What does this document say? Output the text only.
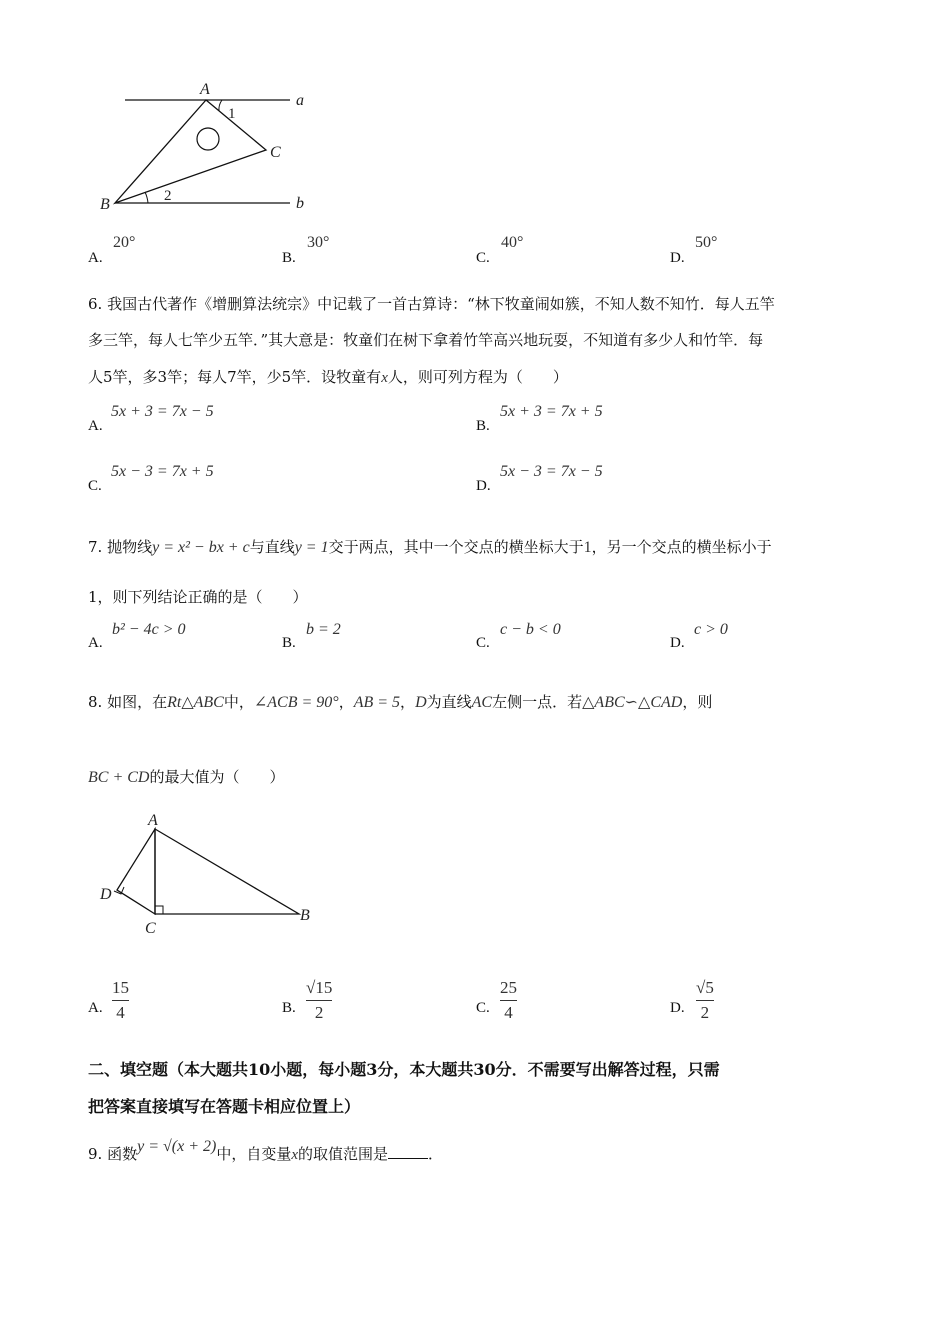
A
1
C
B	2
a
b
A.
20°
B.
30°
C.
40°
D.
50°
6. 我国古代著作《增删算法统宗》中记载了一首古算诗：“林下牧童闹如簇，不知人数不知竹．每人五竿
多三竿，每人七竿少五竿．”其大意是：牧童们在树下拿着竹竿高兴地玩耍，不知道有多少人和竹竿．每
人5竿，多3竿；每人7竿，少5竿．设牧童有x人，则可列方程为（　　）
A.
5x + 3 = 7x − 5
B.
5x + 3 = 7x + 5
C.
5x − 3 = 7x + 5
D.
5x − 3 = 7x − 5
7. 抛物线y = x² − bx + c与直线y = 1交于两点，其中一个交点的横坐标大于1，另一个交点的横坐标小于
1，则下列结论正确的是（　　）
A.
b² − 4c > 0
B.
b = 2
C.
c − b < 0
D.
c > 0
8. 如图，在Rt△ABC中，∠ACB = 90°，AB = 5，D为直线AC左侧一点．若△ABC∽△CAD，则
BC + CD的最大值为（　　）
A
D
C
B
A.
15
4	B.
√15
2	C.
25
4	D.
√5
2
二、填空题（本大题共10小题，每小题3分，本大题共30分．不需要写出解答过程，只需
把答案直接填写在答题卡相应位置上）
9. 函数y = √(x + 2)中，自变量x的取值范围是	．
